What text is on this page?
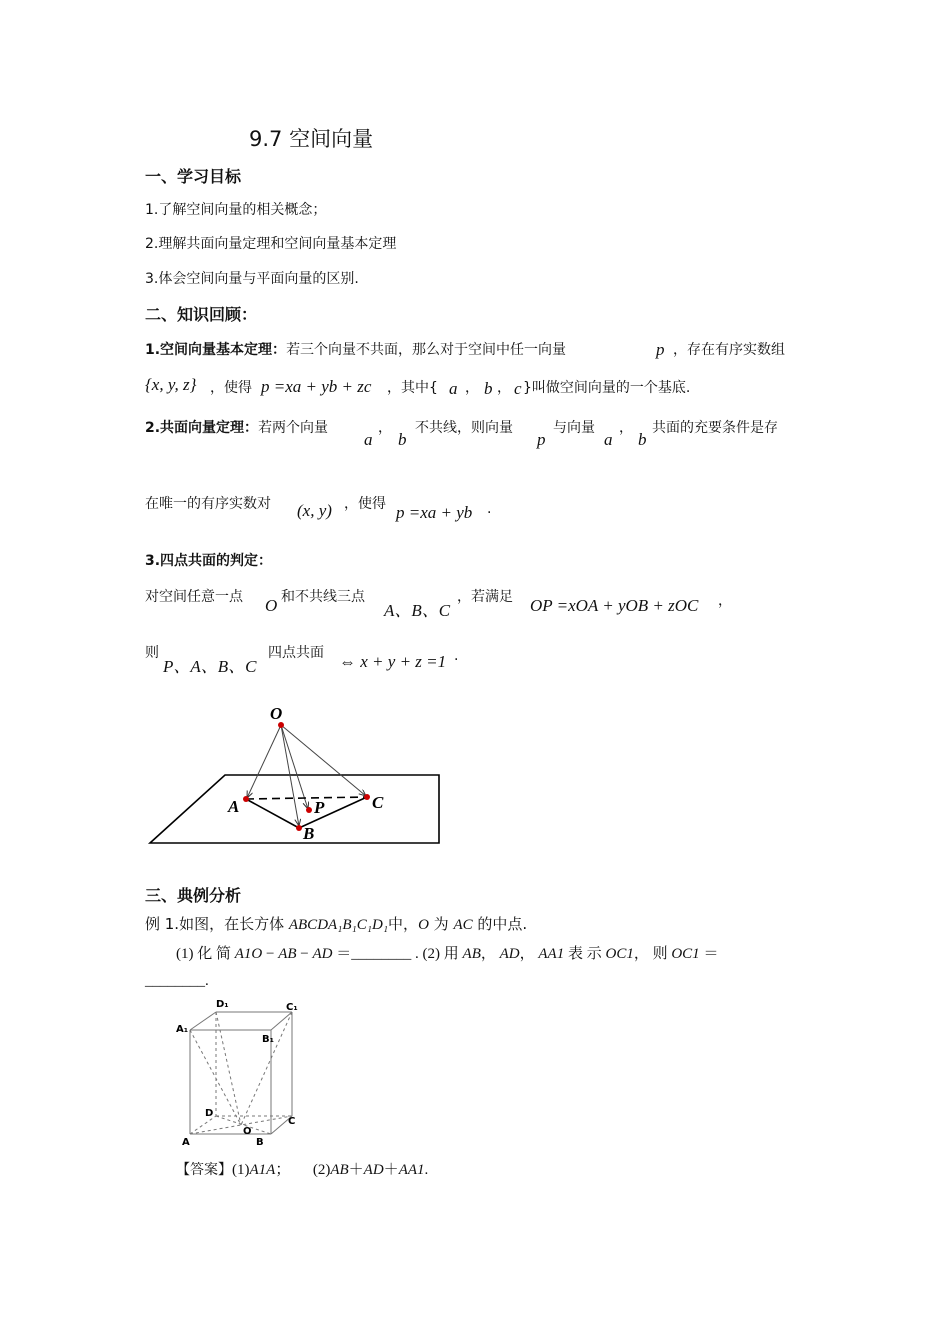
9.7 空间向量
一、学习目标
1.了解空间向量的相关概念；
2.理解共面向量定理和空间向量基本定理
3.体会空间向量与平面向量的区别.
二、知识回顾：
1.空间向量基本定理：若三个向量不共面，那么对于空间中任一向量	p ，存在有序实数组
{x, y, z} ，使得 p =xa + yb + zc ，其中{ a ， b ， c }叫做空间向量的一个基底.
2.共面向量定理：若两个向量
a
，
b
不共线，则向量
p
与向量
a
，
b
共面的充要条件是存
在唯一的有序实数对 (x, y) ，使得 p =xa + yb .
3.四点共面的判定：
对空间任意一点 O 和不共线三点
A、B、C
，若满足 OP =xOA + yOB + zOC ，
则
P、A、B、C
四点共面 ⇔ x + y + z =1 .
O
A
B
C
P
三、典例分析
例 1.如图，在长方体 ABCDA₁B₁C₁D₁中，O 为 AC 的中点.
(1) 化 简 A1O − AB − AD ＝________ . (2) 用 AB， AD， AA1 表 示 OC1， 则 OC1 ＝
________.
A	B
C
D
O
A₁
B₁
C₁
D₁
【答案】(1)A1A；      (2)AB＋AD＋AA1.
